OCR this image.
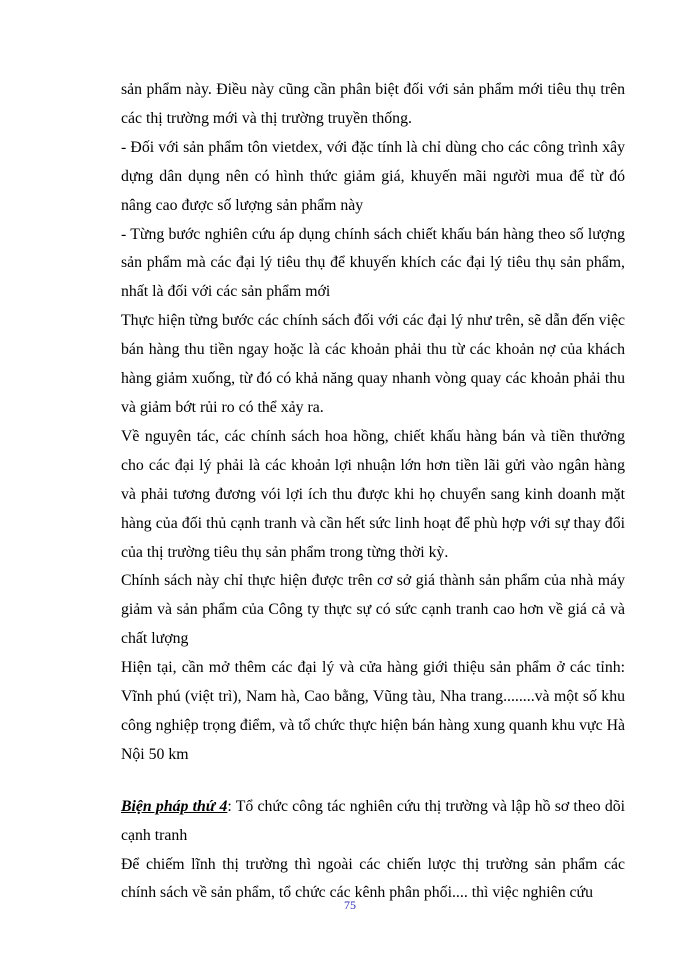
sản phẩm này. Điều này cũng cần phân biệt đối với sản phẩm mới tiêu thụ trên các thị trường mới và thị trường truyền thống.

- Đối với sản phẩm tôn vietdex, với đặc tính là chỉ dùng cho các công trình xây dựng dân dụng nên có hình thức giảm giá, khuyến mãi người mua để từ đó nâng cao được số lượng sản phẩm này

- Từng bước nghiên cứu áp dụng chính sách chiết khấu bán hàng theo số lượng sản phẩm mà các đại lý tiêu thụ để khuyến khích các đại lý tiêu thụ sản phẩm, nhất là đối với các sản phẩm mới

Thực hiện từng bước các chính sách đối với các đại lý như trên, sẽ dẫn đến việc bán hàng thu tiền ngay hoặc là các khoản phải thu từ các khoản nợ của khách hàng giảm xuống, từ đó có khả năng quay nhanh vòng quay các khoản phải thu và giảm bớt rủi ro có thể xảy ra.

Về nguyên tác, các chính sách hoa hồng, chiết khấu hàng bán và tiền thưởng cho các đại lý phải là các khoản lợi nhuận lớn hơn tiền lãi gửi vào ngân hàng và phải tương đương vói lợi ích thu được khi họ chuyển sang kinh doanh mặt hàng của đối thủ cạnh tranh và cần hết sức linh hoạt để phù hợp với sự thay đổi của thị trường tiêu thụ sản phẩm trong từng thời kỳ.

Chính sách này chỉ thực hiện được trên cơ sở giá thành sản phẩm của nhà máy giảm và sản phẩm của Công ty thực sự có sức cạnh tranh cao hơn về giá cả và chất lượng

Hiện tại, cần mở thêm các đại lý và cửa hàng giới thiệu sản phẩm ở các tỉnh: Vĩnh phú (việt trì), Nam hà, Cao bằng, Vũng tàu, Nha trang........và một số khu công nghiệp trọng điểm, và tổ chức thực hiện bán hàng xung quanh khu vực Hà Nội 50 km

Biện pháp thứ 4: Tổ chức công tác nghiên cứu thị trường và lập hồ sơ theo dõi cạnh tranh

Để chiếm lĩnh thị trường thì ngoài các chiến lược thị trường sản phẩm các chính sách về sản phẩm, tổ chức các kênh phân phối.... thì việc nghiên cứu

75
